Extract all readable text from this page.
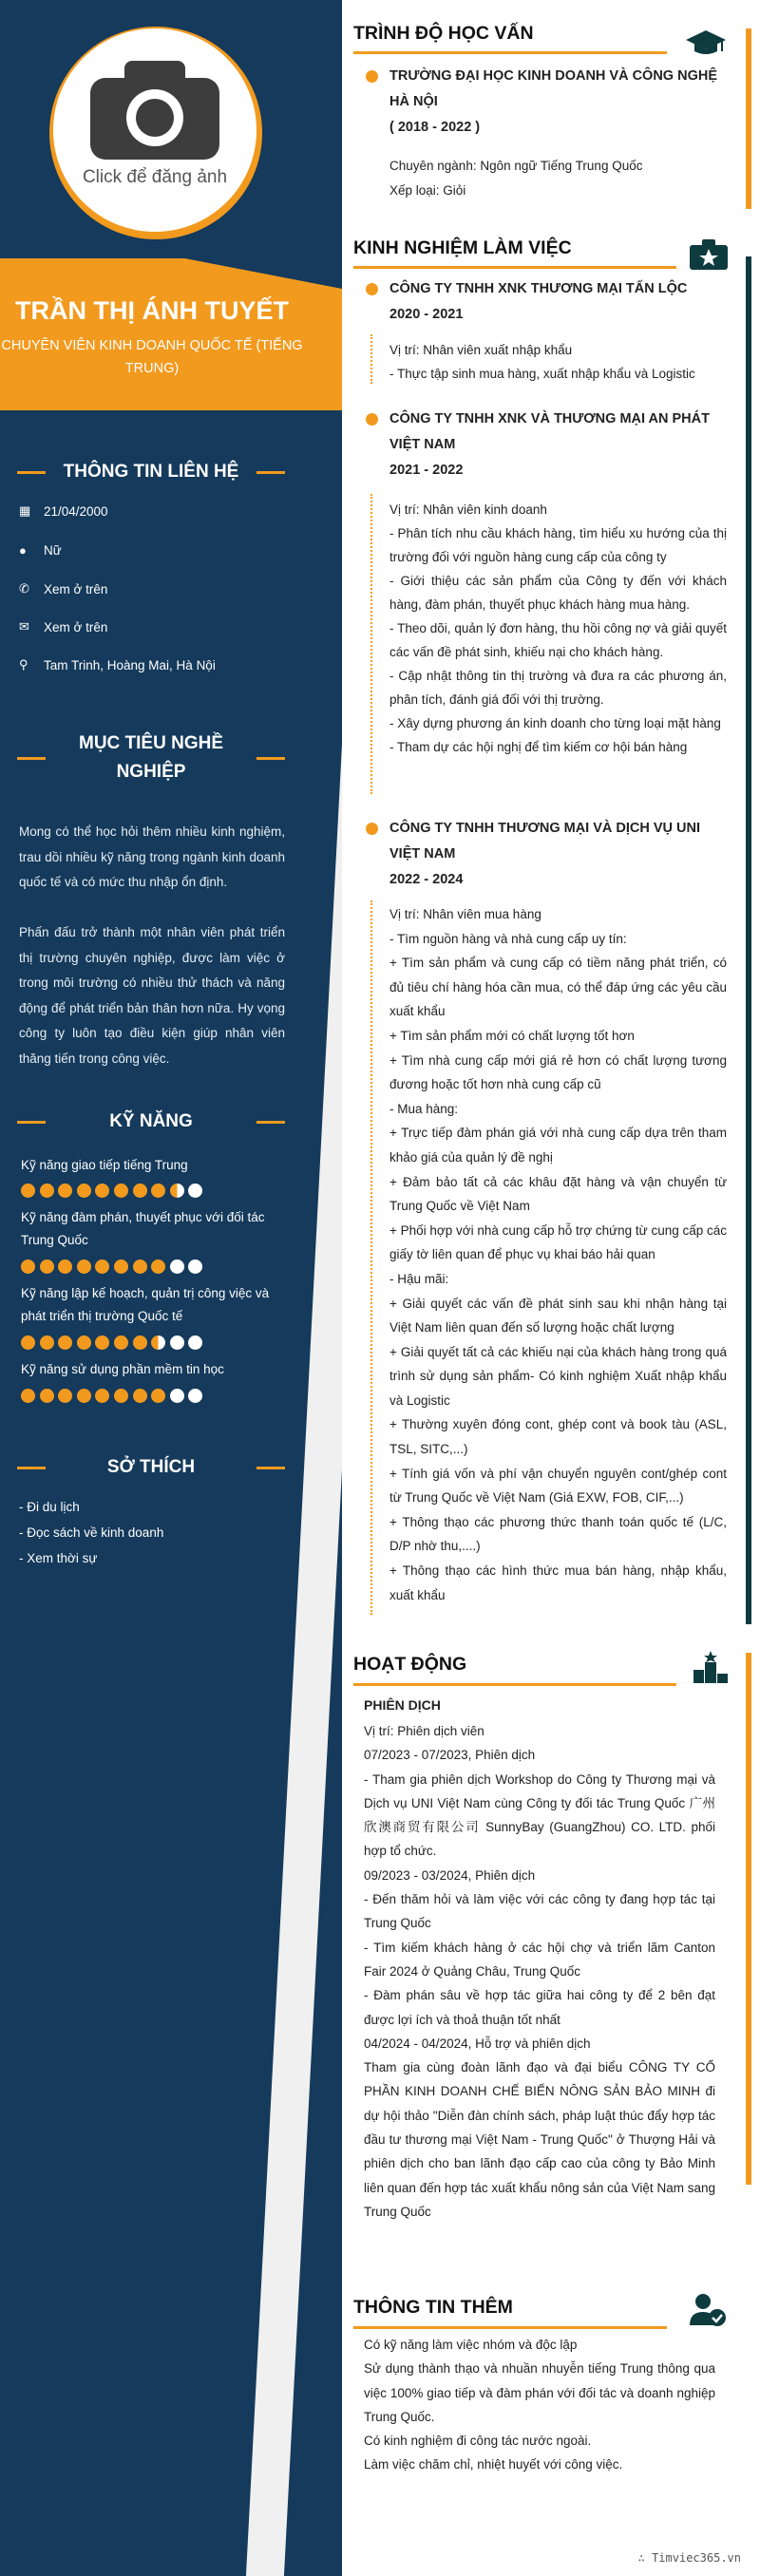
Click để đăng ảnh
TRẦN THỊ ÁNH TUYẾT
CHUYÊN VIÊN KINH DOANH QUỐC TẾ (TIẾNG TRUNG)
THÔNG TIN LIÊN HỆ
▦	21/04/2000
●	Nữ
✆	Xem ở trên
✉	Xem ở trên
⚲	Tam Trinh, Hoàng Mai, Hà Nội
MỤC TIÊU NGHỀ
NGHIỆP
Mong có thể học hỏi thêm nhiều kinh nghiệm, trau dồi nhiều kỹ năng trong ngành kinh doanh quốc tế và có mức thu nhập ổn định.
Phấn đấu trở thành một nhân viên phát triển thị trường chuyên nghiệp, được làm việc ở trong môi trường có nhiều thử thách và năng động để phát triển bản thân hơn nữa. Hy vọng công ty luôn tạo điều kiện giúp nhân viên thăng tiến trong công việc.
KỸ NĂNG
Kỹ năng giao tiếp tiếng Trung
Kỹ năng đàm phán, thuyết phục với đối tác Trung Quốc
Kỹ năng lập kế hoạch, quản trị công việc và phát triển thị trường Quốc tế
Kỹ năng sử dụng phần mềm tin học
SỞ THÍCH
- Đi du lịch
- Đọc sách về kinh doanh
- Xem thời sự
TRÌNH ĐỘ HỌC VẤN
TRƯỜNG ĐẠI HỌC KINH DOANH VÀ CÔNG NGHỆ
HÀ NỘI
( 2018 - 2022 )
Chuyên ngành: Ngôn ngữ Tiếng Trung Quốc
Xếp loại: Giỏi
KINH NGHIỆM LÀM VIỆC
CÔNG TY TNHH XNK THƯƠNG MẠI TẤN LỘC
2020 - 2021
Vị trí: Nhân viên xuất nhập khẩu
- Thực tập sinh mua hàng, xuất nhập khẩu và Logistic
CÔNG TY TNHH XNK VÀ THƯƠNG MẠI AN PHÁT
VIỆT NAM
2021 - 2022
Vị trí: Nhân viên kinh doanh
- Phân tích nhu cầu khách hàng, tìm hiểu xu hướng của thị trường đối với nguồn hàng cung cấp của công ty
- Giới thiệu các sản phẩm của Công ty đến với khách hàng, đàm phán, thuyết phục khách hàng mua hàng.
- Theo dõi, quản lý đơn hàng, thu hồi công nợ và giải quyết các vấn đề phát sinh, khiếu nại cho khách hàng.
- Cập nhật thông tin thị trường và đưa ra các phương án, phân tích, đánh giá đối với thị trường.
- Xây dựng phương án kinh doanh cho từng loại mặt hàng
- Tham dự các hội nghị để tìm kiếm cơ hội bán hàng
CÔNG TY TNHH THƯƠNG MẠI VÀ DỊCH VỤ UNI
VIỆT NAM
2022 - 2024
Vị trí: Nhân viên mua hàng
- Tìm nguồn hàng và nhà cung cấp uy tín:
+ Tìm sản phẩm và cung cấp có tiềm năng phát triển, có đủ tiêu chí hàng hóa cần mua, có thể đáp ứng các yêu cầu xuất khẩu
+ Tìm sản phẩm mới có chất lượng tốt hơn
+ Tìm nhà cung cấp mới giá rẻ hơn có chất lượng tương đương hoặc tốt hơn nhà cung cấp cũ
- Mua hàng:
+ Trực tiếp đàm phán giá với nhà cung cấp dựa trên tham khảo giá của quản lý đề nghị
+ Đảm bảo tất cả các khâu đặt hàng và vận chuyển từ Trung Quốc về Việt Nam
+ Phối hợp với nhà cung cấp hỗ trợ chứng từ cung cấp các giấy tờ liên quan để phục vụ khai báo hải quan
- Hậu mãi:
+ Giải quyết các vấn đề phát sinh sau khi nhận hàng tại Việt Nam liên quan đến số lượng hoặc chất lượng
+ Giải quyết tất cả các khiếu nại của khách hàng trong quá trình sử dụng sản phẩm- Có kinh nghiệm Xuất nhập khẩu và Logistic
+ Thường xuyên đóng cont, ghép cont và book tàu (ASL, TSL, SITC,...)
+ Tính giá vốn và phí vận chuyển nguyên cont/ghép cont từ Trung Quốc về Việt Nam (Giá EXW, FOB, CIF,...)
+ Thông thạo các phương thức thanh toán quốc tế (L/C, D/P nhờ thu,....)
+ Thông thạo các hình thức mua bán hàng, nhập khẩu, xuất khẩu
HOẠT ĐỘNG
PHIÊN DỊCH
Vị trí: Phiên dịch viên
07/2023 - 07/2023, Phiên dịch
- Tham gia phiên dịch Workshop do Công ty Thương mại và Dịch vụ UNI Việt Nam cùng Công ty đối tác Trung Quốc 广州欣澳商贸有限公司 SunnyBay (GuangZhou) CO. LTD. phối hợp tổ chức.
09/2023 - 03/2024, Phiên dịch
- Đến thăm hỏi và làm việc với các công ty đang hợp tác tại Trung Quốc
- Tìm kiếm khách hàng ở các hội chợ và triển lãm Canton Fair 2024 ở Quảng Châu, Trung Quốc
- Đàm phán sâu về hợp tác giữa hai công ty để 2 bên đạt được lợi ích và thoả thuận tốt nhất
04/2024 - 04/2024, Hỗ trợ và phiên dịch
Tham gia cùng đoàn lãnh đạo và đại biểu CÔNG TY CỔ PHẦN KINH DOANH CHẾ BIẾN NÔNG SẢN BẢO MINH đi dự hội thảo "Diễn đàn chính sách, pháp luật thúc đẩy hợp tác đầu tư thương mại Việt Nam - Trung Quốc" ở Thượng Hải và phiên dịch cho ban lãnh đạo cấp cao của công ty Bảo Minh liên quan đến hợp tác xuất khẩu nông sản của Việt Nam sang Trung Quốc
THÔNG TIN THÊM
Có kỹ năng làm việc nhóm và độc lập
Sử dụng thành thạo và nhuần nhuyễn tiếng Trung thông qua việc 100% giao tiếp và đàm phán với đối tác và doanh nghiệp Trung Quốc.
Có kinh nghiệm đi công tác nước ngoài.
Làm việc chăm chỉ, nhiệt huyết với công việc.
∴ Timviec365.vn
